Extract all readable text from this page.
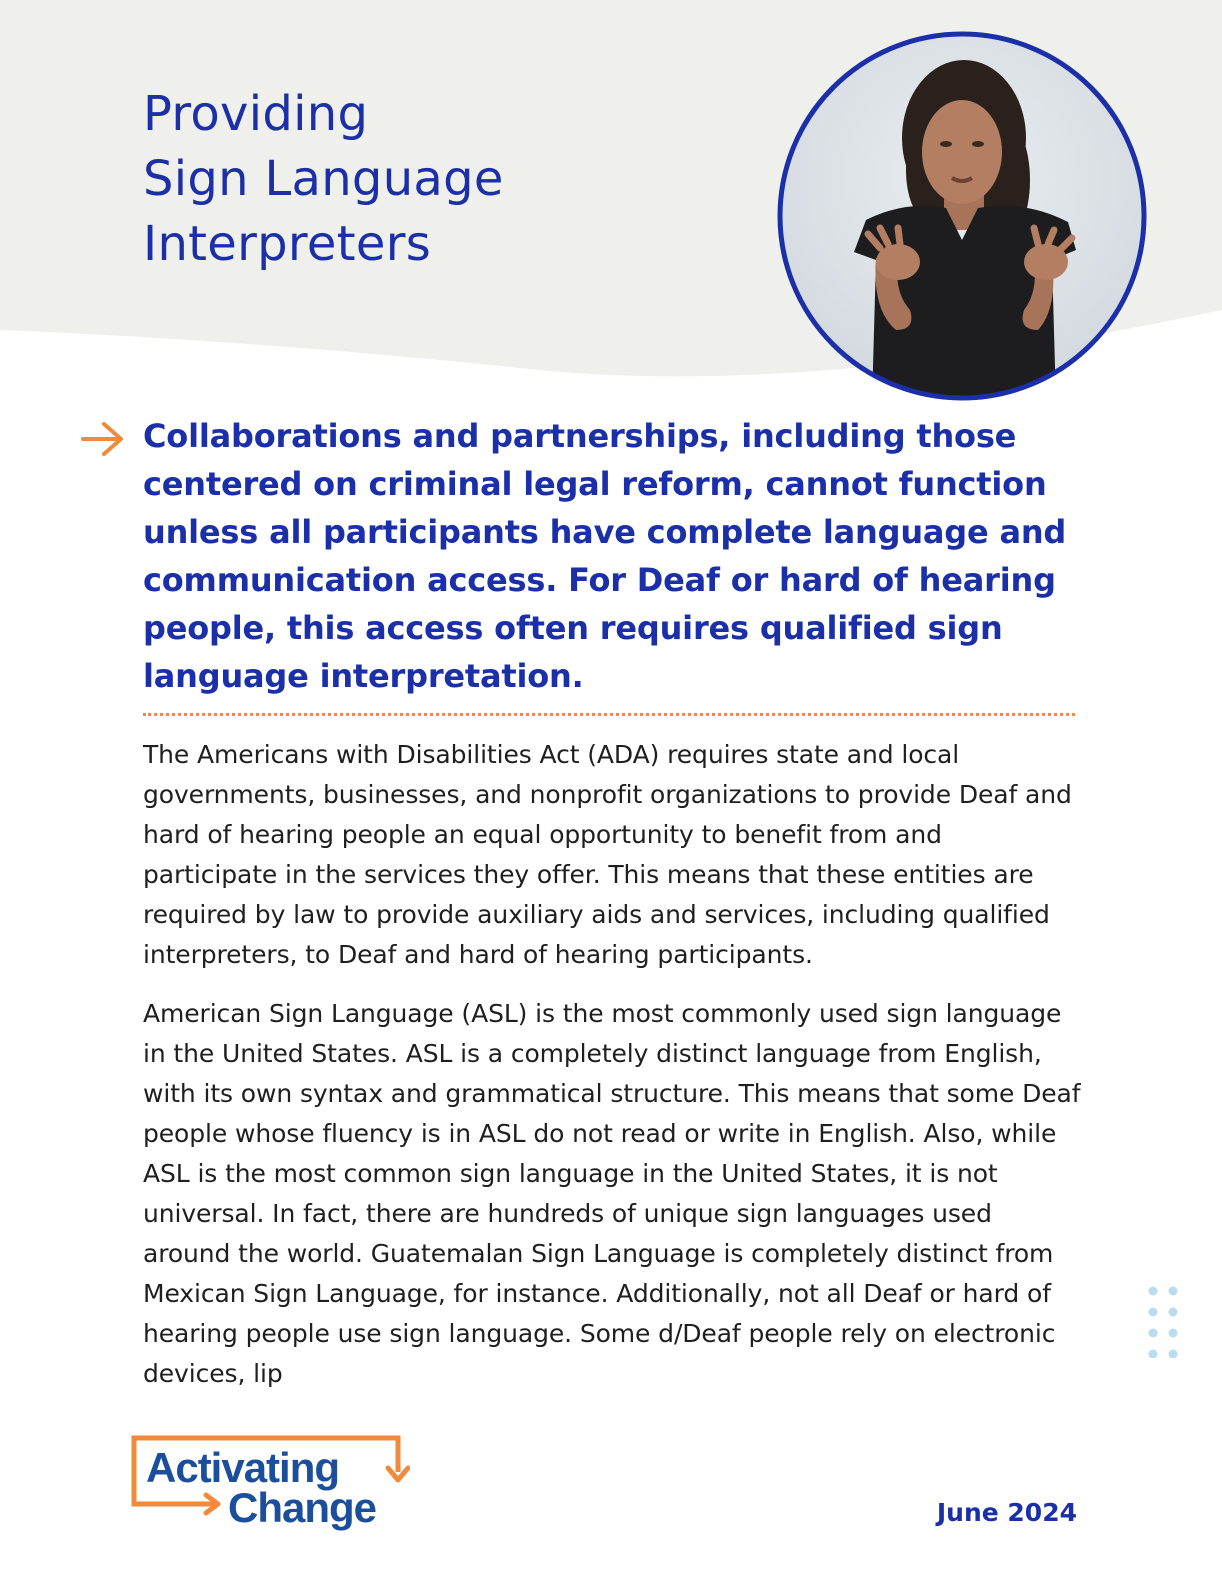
Providing
Sign Language
Interpreters

Collaborations and partnerships, including those centered on criminal legal reform, cannot function unless all participants have complete language and communication access. For Deaf or hard of hearing people, this access often requires qualified sign language interpretation.

The Americans with Disabilities Act (ADA) requires state and local governments, businesses, and nonprofit organizations to provide Deaf and hard of hearing people an equal opportunity to benefit from and participate in the services they offer. This means that these entities are required by law to provide auxiliary aids and services, including qualified interpreters, to Deaf and hard of hearing participants.

American Sign Language (ASL) is the most commonly used sign language in the United States. ASL is a completely distinct language from English, with its own syntax and grammatical structure. This means that some Deaf people whose fluency is in ASL do not read or write in English. Also, while ASL is the most common sign language in the United States, it is not universal. In fact, there are hundreds of unique sign languages used around the world. Guatemalan Sign Language is completely distinct from Mexican Sign Language, for instance. Additionally, not all Deaf or hard of hearing people use sign language. Some d/Deaf people rely on electronic devices, lip

Activating
Change	June 2024
